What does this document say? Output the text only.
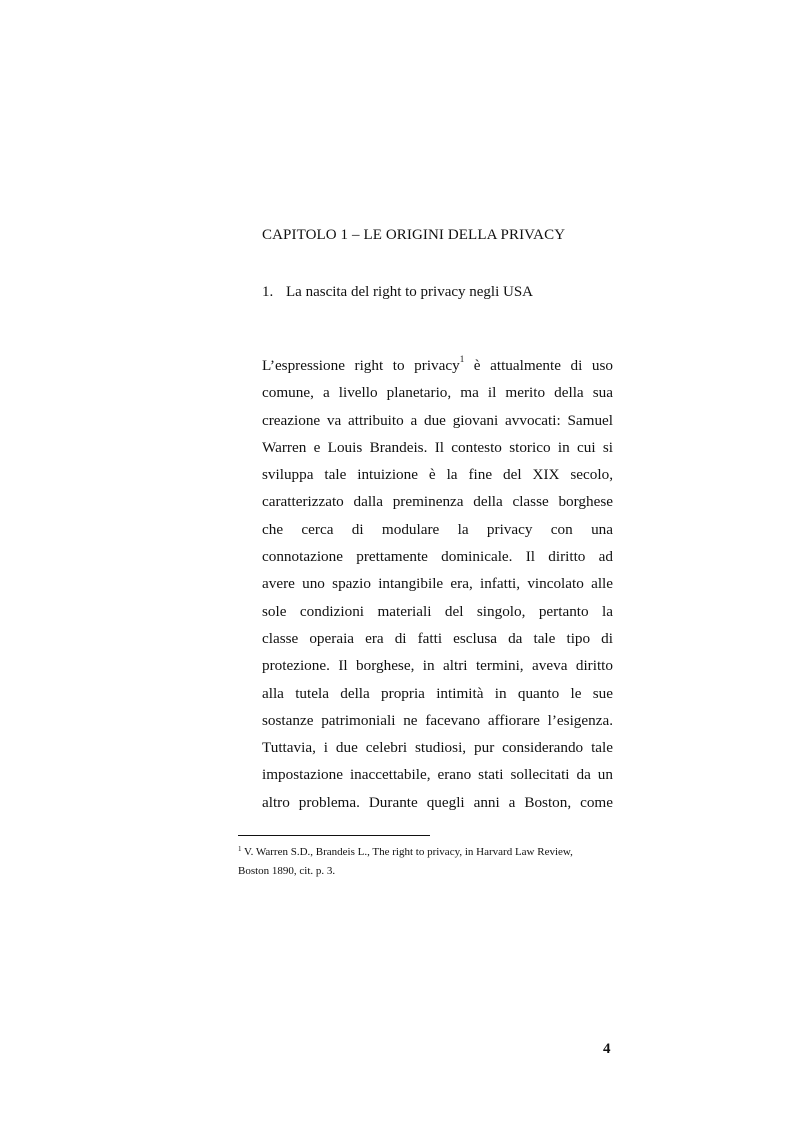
CAPITOLO 1 – LE ORIGINI DELLA PRIVACY
1. La nascita del right to privacy negli USA
L’espressione right to privacy$^1$ è attualmente di uso
comune, a livello planetario, ma il merito della sua
creazione va attribuito a due giovani avvocati: Samuel
Warren e Louis Brandeis. Il contesto storico in cui si
sviluppa tale intuizione è la fine del XIX secolo,
caratterizzato dalla preminenza della classe borghese
che cerca di modulare la privacy con una
connotazione prettamente dominicale. Il diritto ad
avere uno spazio intangibile era, infatti, vincolato alle
sole condizioni materiali del singolo, pertanto la
classe operaia era di fatti esclusa da tale tipo di
protezione. Il borghese, in altri termini, aveva diritto
alla tutela della propria intimità in quanto le sue
sostanze patrimoniali ne facevano affiorare l’esigenza.
Tuttavia, i due celebri studiosi, pur considerando tale
impostazione inaccettabile, erano stati sollecitati da un
altro problema. Durante quegli anni a Boston, come
$^1$ V. Warren S.D., Brandeis L., The right to privacy, in Harvard Law Review,
Boston 1890, cit. p. 3.
4
